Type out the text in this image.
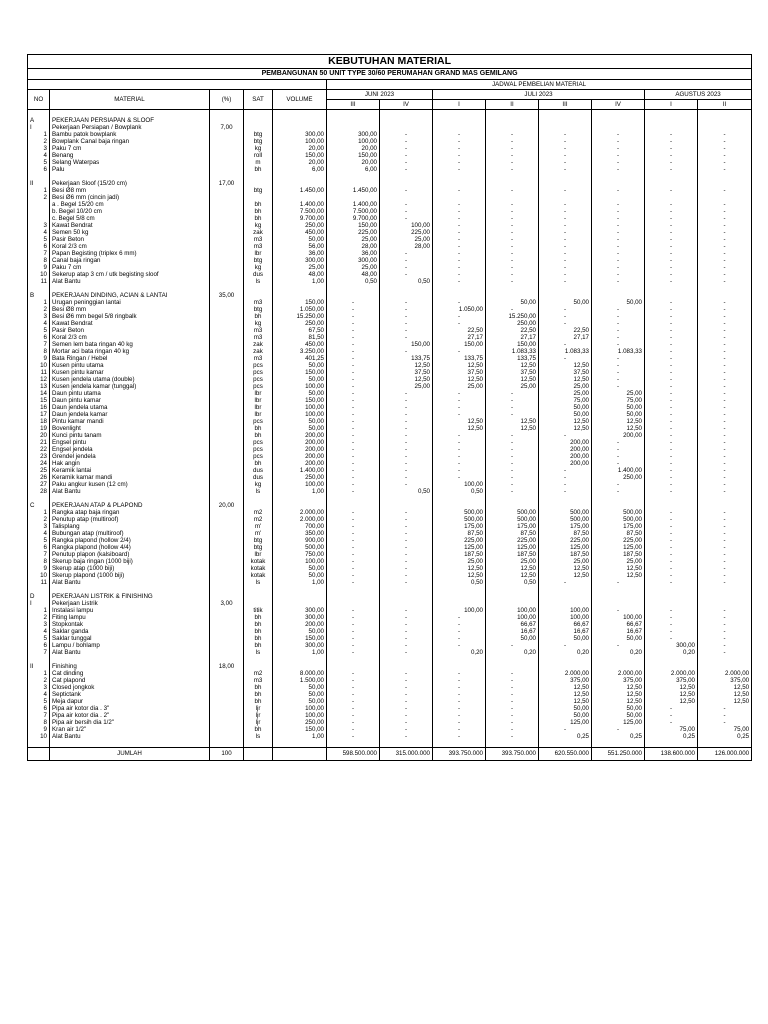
KEBUTUHAN MATERIAL												
PEMBANGUNAN 50 UNIT TYPE 30/60 PERUMAHAN GRAND MAS GEMILANG												
					JADWAL PEMBELIAN MATERIAL							
NO	MATERIAL	(%)	SAT	VOLUME	JUNI 2023		JULI 2023				AGUSTUS 2023	
					III	IV	I	II	III	IV	I	II

A	PEKERJAAN PERSIAPAN & SLOOF											
I	Pekerjaan Persiapan / Bowplank	7,00										
1	Bambu patok bowplank		btg	300,00	300,00	-	-	-	-	-	-	-
2	Bowplank Canal baja ringan		btg	100,00	100,00	-	-	-	-	-	-	-
3	Paku 7 cm		kg	20,00	20,00	-	-	-	-	-	-	-
4	Benang		roll	150,00	150,00	-	-	-	-	-	-	-
5	Selang Waterpas		m	20,00	20,00	-	-	-	-	-	-	-
6	Palu		bh	6,00	6,00	-	-	-	-	-	-	-

II	Pekerjaan Sloof (15/20 cm)	17,00										
1	Besi Ø8 mm		btg	1.450,00	1.450,00	-	-	-	-	-	-	-
2	Besi Ø6 mm (cincin jadi)											
	a . Begel 15/20 cm		bh	1.400,00	1.400,00	-	-	-	-	-	-	-
	b. Begel 10/20 cm		bh	7.500,00	7.500,00	-	-	-	-	-	-	-
	c. Begel 5/8 cm		bh	9.700,00	9.700,00	-	-	-	-	-	-	-
3	Kawat Bendrat		kg	250,00	150,00	100,00	-	-	-	-	-	-
4	Semen 50 kg		zak	450,00	225,00	225,00	-	-	-	-	-	-
5	Pasir Beton		m3	50,00	25,00	25,00	-	-	-	-	-	-
6	Koral 2/3 cm		m3	56,00	28,00	28,00	-	-	-	-	-	-
7	Papan Begisting (triplex 6 mm)		lbr	36,00	36,00	-	-	-	-	-	-	-
8	Canal baja ringan		btg	300,00	300,00	-	-	-	-	-	-	-
9	Paku 7 cm		kg	25,00	25,00	-	-	-	-	-	-	-
10	Sekerup atap 3 cm / utk begisting sloof		dus	48,00	48,00	-	-	-	-	-	-	-
11	Alat Bantu		ls	1,00	0,50	0,50	-	-	-	-	-	-

B	PEKERJAAN DINDING, ACIAN & LANTAI	35,00										
1	Urugan peninggian lantai		m3	150,00	-	-	-	50,00	50,00	50,00	-	-
2	Besi Ø8 mm		btg	1.050,00	-	-	1.050,00	-	-	-	-	-
3	Besi Ø6 mm begel 5/8 ringbalk		bh	15.250,00	-	-	-	15.250,00	-	-	-	-
4	Kawat Bendrat		kg	250,00	-	-	-	250,00	-	-	-	-
5	Pasir Beton		m3	67,50	-	-	22,50	22,50	22,50	-	-	-
6	Koral 2/3 cm		m3	81,50	-	-	27,17	27,17	27,17	-	-	-
7	Semen lem bata ringan 40 kg		zak	450,00	-	150,00	150,00	150,00	-	-	-	-
8	Mortar aci bata ringan 40 kg		zak	3.250,00	-	-	-	1.083,33	1.083,33	1.083,33	-	-
9	Bata Ringan / Hebel		m3	401,25	-	133,75	133,75	133,75	-	-	-	-
10	Kusen pintu utama		pcs	50,00	-	12,50	12,50	12,50	12,50	-	-	-
11	Kusen pintu kamar		pcs	150,00	-	37,50	37,50	37,50	37,50	-	-	-
12	Kusen jendela utama (double)		pcs	50,00	-	12,50	12,50	12,50	12,50	-	-	-
13	Kusen jendela kamar (tunggal)		pcs	100,00	-	25,00	25,00	25,00	25,00	-	-	-
14	Daun pintu utama		lbr	50,00	-	-	-	-	25,00	25,00	-	-
15	Daun pintu kamar		lbr	150,00	-	-	-	-	75,00	75,00	-	-
16	Daun jendela utama		lbr	100,00	-	-	-	-	50,00	50,00	-	-
17	Daun jendela kamar		lbr	100,00	-	-	-	-	50,00	50,00	-	-
18	Pintu kamar mandi		pcs	50,00	-	-	12,50	12,50	12,50	12,50	-	-
19	Bovenlight		bh	50,00	-	-	12,50	12,50	12,50	12,50	-	-
20	Kunci pintu tanam		bh	200,00	-	-	-	-	-	200,00	-	-
21	Engsel pintu		pcs	200,00	-	-	-	-	200,00	-	-	-
22	Engsel jendela		pcs	200,00	-	-	-	-	200,00	-	-	-
23	Grendel jendela		pcs	200,00	-	-	-	-	200,00	-	-	-
24	Hak angin		bh	200,00	-	-	-	-	200,00	-	-	-
25	Keramik lantai		dus	1.400,00	-	-	-	-	-	1.400,00	-	-
26	Keramik kamar mandi		dus	250,00	-	-	-	-	-	250,00	-	-
27	Paku angkur kusen (12 cm)		kg	100,00	-	-	100,00	-	-	-	-	-
28	Alat Bantu		ls	1,00	-	0,50	0,50	-	-	-	-	-

C	PEKERJAAN ATAP & PLAPOND	20,00										
1	Rangka atap baja ringan		m2	2.000,00	-	-	500,00	500,00	500,00	500,00	-	-
2	Penutup atap (multiroof)		m2	2.000,00	-	-	500,00	500,00	500,00	500,00	-	-
3	Talisplang		m'	700,00	-	-	175,00	175,00	175,00	175,00	-	-
4	Bubungan atap (multiroof)		m'	350,00	-	-	87,50	87,50	87,50	87,50	-	-
5	Rangka plapond (hollow 2/4)		btg	900,00	-	-	225,00	225,00	225,00	225,00	-	-
6	Rangka plapond (hollow 4/4)		btg	500,00	-	-	125,00	125,00	125,00	125,00	-	-
7	Penutup plapon (kalsiboard)		lbr	750,00	-	-	187,50	187,50	187,50	187,50	-	-
8	Skerup baja ringan (1000 biji)		kotak	100,00	-	-	25,00	25,00	25,00	25,00	-	-
9	Skerup atap (1000 biji)		kotak	50,00	-	-	12,50	12,50	12,50	12,50	-	-
10	Skerup plapond (1000 biji)		kotak	50,00	-	-	12,50	12,50	12,50	12,50	-	-
11	Alat Bantu		ls	1,00	-	-	0,50	0,50	-	-	-	-

D	PEKERJAAN LISTRIK & FINISHING											
I	Pekerjaan Listrik	3,00										
1	Instalasi lampu		titik	300,00	-	-	100,00	100,00	100,00	-	-	-
2	Fiting lampu		bh	300,00	-	-	-	100,00	100,00	100,00	-	-
3	Stopkontak		bh	200,00	-	-	-	66,67	66,67	66,67	-	-
4	Saklar ganda		bh	50,00	-	-	-	16,67	16,67	16,67	-	-
5	Saklar tunggal		bh	150,00	-	-	-	50,00	50,00	50,00	-	-
6	Lampu / bohlamp		bh	300,00	-	-	-	-	-	-	300,00	-
7	Alat Bantu		ls	1,00	-	-	0,20	0,20	0,20	0,20	0,20	-

II	Finishing	18,00										
1	Cat dinding		m2	8.000,00	-	-	-	-	2.000,00	2.000,00	2.000,00	2.000,00
2	Cat plapond		m3	1.500,00	-	-	-	-	375,00	375,00	375,00	375,00
3	Closed jongkok		bh	50,00	-	-	-	-	12,50	12,50	12,50	12,50
4	Septictank		bh	50,00	-	-	-	-	12,50	12,50	12,50	12,50
5	Meja dapur		bh	50,00	-	-	-	-	12,50	12,50	12,50	12,50
6	Pipa air kotor dia . 3"		ljr	100,00	-	-	-	-	50,00	50,00	-	-
7	Pipa air kotor dia . 2"		ljr	100,00	-	-	-	-	50,00	50,00	-	-
8	Pipa air bersih dia 1/2"		ljr	250,00	-	-	-	-	125,00	125,00	-	-
9	Kran air 1/2"		bh	150,00	-	-	-	-	-	-	75,00	75,00
10	Alat Bantu		ls	1,00	-	-	-	-	0,25	0,25	0,25	0,25

	JUMLAH	100			598.500.000	315.000.000	393.750.000	393.750.000	620.550.000	551.250.000	138.600.000	126.000.000
